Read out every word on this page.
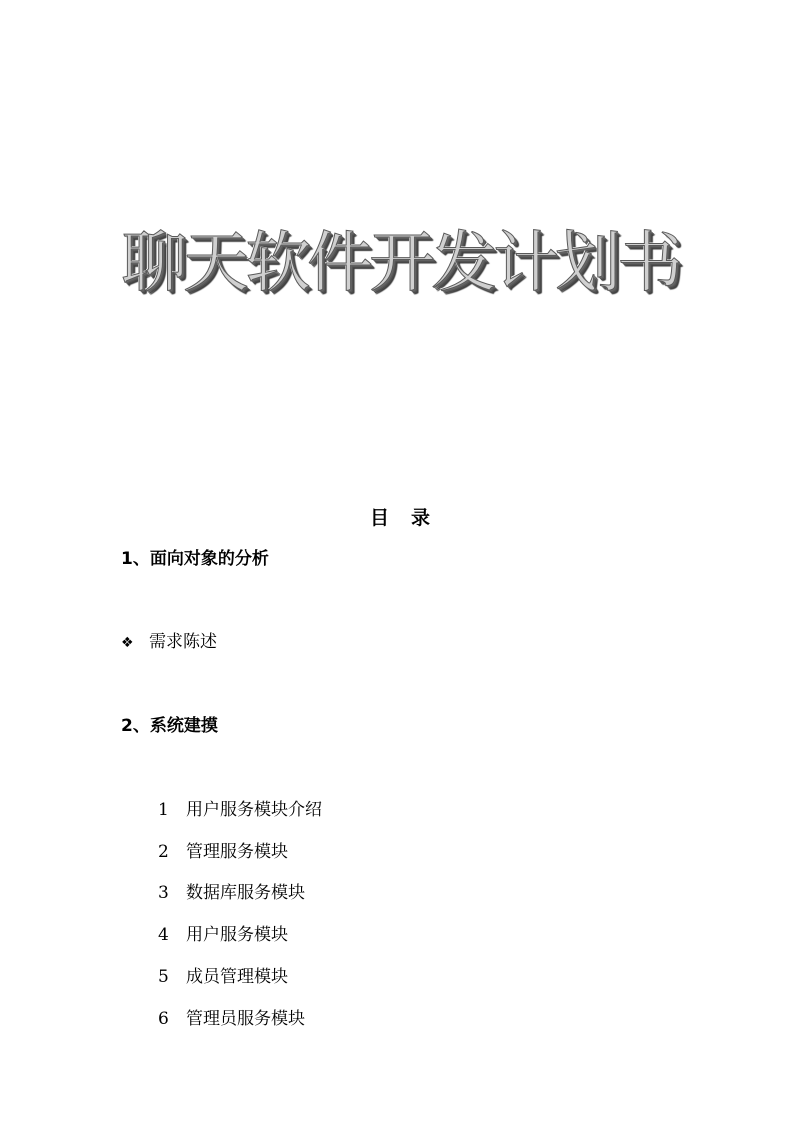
聊天软件开发计划书
目录
1、面向对象的分析
❖ 需求陈述
2、系统建摸
1 用户服务模块介绍
2 管理服务模块
3 数据库服务模块
4 用户服务模块
5 成员管理模块
6 管理员服务模块
